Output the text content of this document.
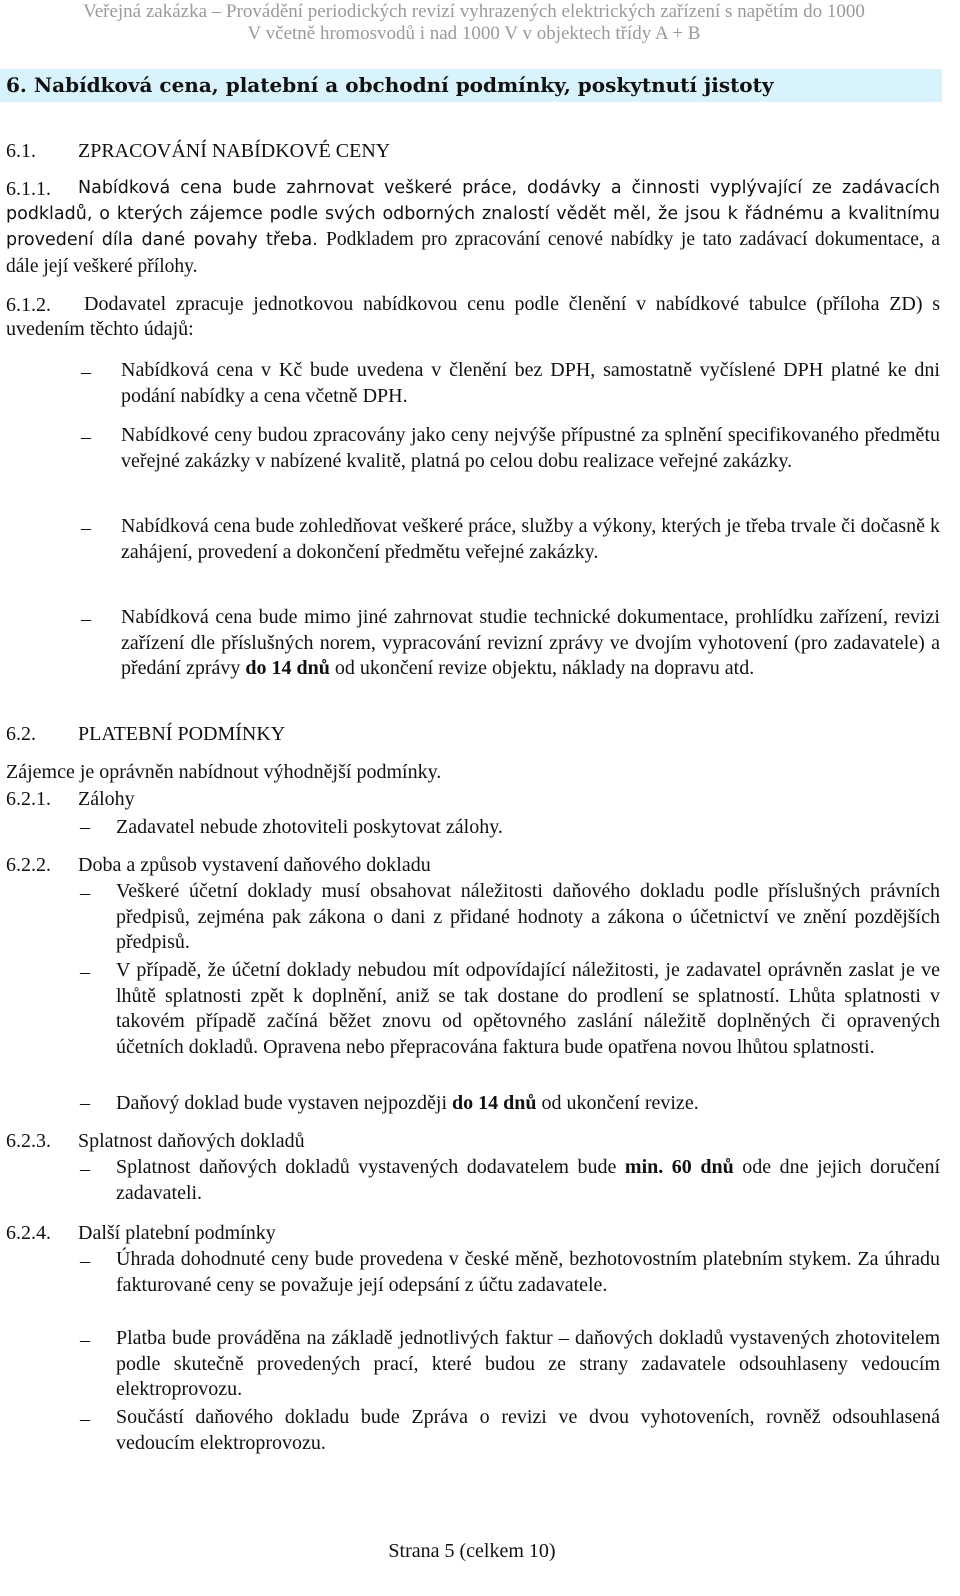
Veřejná zakázka – Provádění periodických revizí vyhrazených elektrických zařízení s napětím do 1000
V včetně hromosvodů i nad 1000 V v objektech třídy A + B
6. Nabídková cena, platební a obchodní podmínky, poskytnutí jistoty
6.1. ZPRACOVÁNÍ NABÍDKOVÉ CENY
6.1.1.	Nabídková cena bude zahrnovat veškeré práce, dodávky a činnosti vyplývající ze zadávacích podkladů, o kterých zájemce podle svých odborných znalostí vědět měl, že jsou k řádnému a kvalitnímu provedení díla dané povahy třeba. Podkladem pro zpracování cenové nabídky je tato zadávací dokumentace, a dále její veškeré přílohy.
6.1.2.	Dodavatel zpracuje jednotkovou nabídkovou cenu podle členění v nabídkové tabulce (příloha ZD) s uvedením těchto údajů:
– Nabídková cena v Kč bude uvedena v členění bez DPH, samostatně vyčíslené DPH platné ke dni podání nabídky a cena včetně DPH.
– Nabídkové ceny budou zpracovány jako ceny nejvýše přípustné za splnění specifikovaného předmětu veřejné zakázky v nabízené kvalitě, platná po celou dobu realizace veřejné zakázky.
– Nabídková cena bude zohledňovat veškeré práce, služby a výkony, kterých je třeba trvale či dočasně k zahájení, provedení a dokončení předmětu veřejné zakázky.
– Nabídková cena bude mimo jiné zahrnovat studie technické dokumentace, prohlídku zařízení, revizi zařízení dle příslušných norem, vypracování revizní zprávy ve dvojím vyhotovení (pro zadavatele) a předání zprávy do 14 dnů od ukončení revize objektu, náklady na dopravu atd.
6.2. PLATEBNÍ PODMÍNKY
Zájemce je oprávněn nabídnout výhodnější podmínky.
6.2.1. Zálohy
– Zadavatel nebude zhotoviteli poskytovat zálohy.
6.2.2. Doba a způsob vystavení daňového dokladu
– Veškeré účetní doklady musí obsahovat náležitosti daňového dokladu podle příslušných právních předpisů, zejména pak zákona o dani z přidané hodnoty a zákona o účetnictví ve znění pozdějších předpisů.
– V případě, že účetní doklady nebudou mít odpovídající náležitosti, je zadavatel oprávněn zaslat je ve lhůtě splatnosti zpět k doplnění, aniž se tak dostane do prodlení se splatností. Lhůta splatnosti v takovém případě začíná běžet znovu od opětovného zaslání náležitě doplněných či opravených účetních dokladů. Opravena nebo přepracována faktura bude opatřena novou lhůtou splatnosti.
– Daňový doklad bude vystaven nejpozději do 14 dnů od ukončení revize.
6.2.3. Splatnost daňových dokladů
– Splatnost daňových dokladů vystavených dodavatelem bude min. 60 dnů ode dne jejich doručení zadavateli.
6.2.4. Další platební podmínky
– Úhrada dohodnuté ceny bude provedena v české měně, bezhotovostním platebním stykem. Za úhradu fakturované ceny se považuje její odepsání z účtu zadavatele.
– Platba bude prováděna na základě jednotlivých faktur – daňových dokladů vystavených zhotovitelem podle skutečně provedených prací, které budou ze strany zadavatele odsouhlaseny vedoucím elektroprovozu.
– Součástí daňového dokladu bude Zpráva o revizi ve dvou vyhotoveních, rovněž odsouhlasená vedoucím elektroprovozu.
Strana 5 (celkem 10)
